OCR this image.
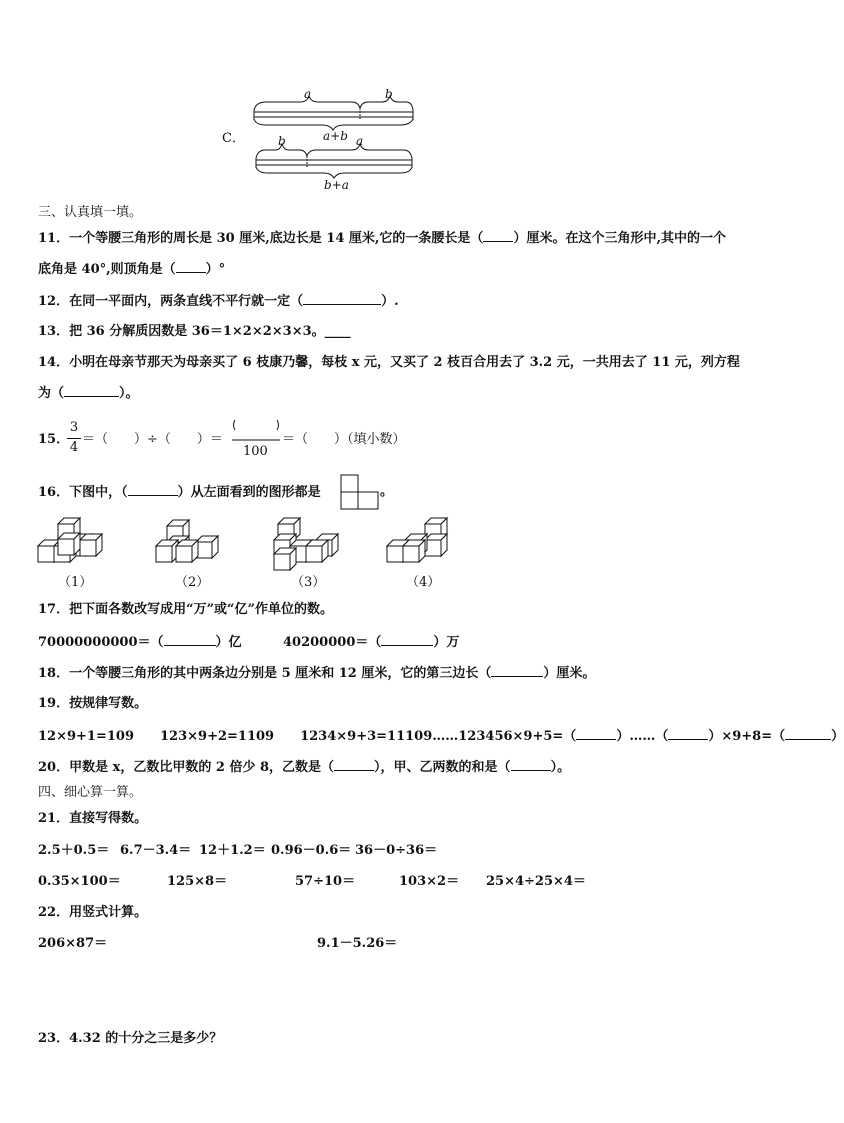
C．
a	b
a+b
b	a
b+a
三、认真填一填。
11．一个等腰三角形的周长是 30 厘米,底边长是 14 厘米,它的一条腰长是（ ）厘米。在这个三角形中,其中的一个
底角是 40°,则顶角是（ ）°
12．在同一平面内，两条直线不平行就一定（	）.
13．把 36 分解质因数是 36＝1×2×2×3×3。____
14．小明在母亲节那天为母亲买了 6 枝康乃馨，每枝 x 元，又买了 2 枝百合用去了 3.2 元，一共用去了 11 元，列方程
为（	）。
15．
3
4
＝（　　）÷（　　）＝
100
＝（　　）（填小数）
16．下图中，（	）从左面看到的图形都是	。
（1）	（2）	（3）	（4）
17．把下面各数改写成用“万”或“亿”作单位的数。
70000000000＝（	）亿	40200000＝（	）万
18．一个等腰三角形的其中两条边分别是 5 厘米和 12 厘米，它的第三边长（	）厘米。
19．按规律写数。
12×9+1=109　　123×9+2=1109　　1234×9+3=11109……123456×9+5=（	）……（	）×9+8=（	）
20．甲数是 x，乙数比甲数的 2 倍少 8，乙数是（	），甲、乙两数的和是（	）。
四、细心算一算。
21．直接写得数。
2.5＋0.5＝ 6.7－3.4＝ 12＋1.2＝ 0.96－0.6＝ 36－0÷36＝
0.35×100＝	125×8＝	57÷10＝	103×2＝ 25×4÷25×4＝
22．用竖式计算。
206×87＝	9.1－5.26＝
23．4.32 的十分之三是多少？
